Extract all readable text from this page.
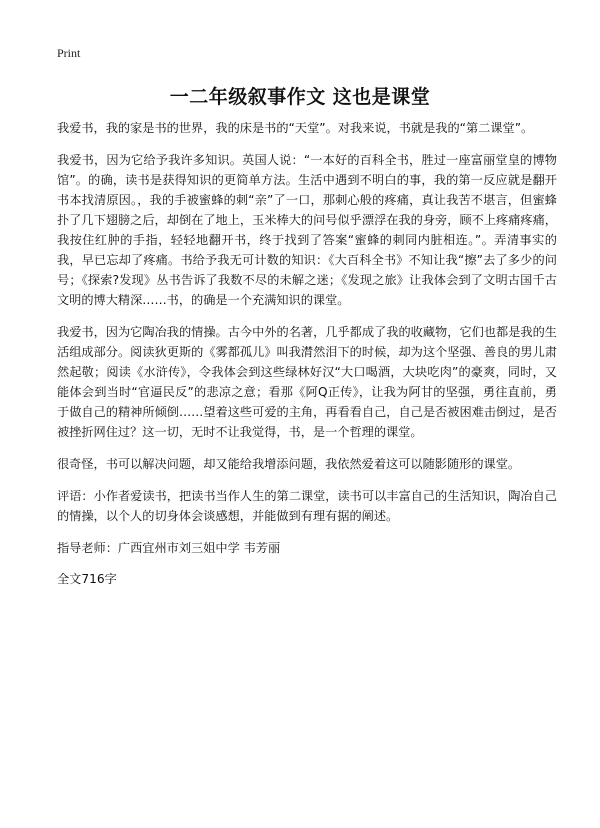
Print
一二年级叙事作文 这也是课堂

我爱书，我的家是书的世界，我的床是书的“天堂”。对我来说，书就是我的“第二课堂”。

我爱书，因为它给予我许多知识。英国人说：“一本好的百科全书，胜过一座富丽堂皇的博物馆”。的确，读书是获得知识的更简单方法。生活中遇到不明白的事，我的第一反应就是翻开书本找清原因。，我的手被蜜蜂的刺“亲”了一口，那刺心般的疼痛，真让我苦不堪言，但蜜蜂扑了几下翅膀之后，却倒在了地上，玉米棒大的问号似乎漂浮在我的身旁，顾不上疼痛疼痛，我按住红肿的手指，轻轻地翻开书，终于找到了答案“蜜蜂的刺同内脏相连。”。弄清事实的我，早已忘却了疼痛。书给予我无可计数的知识：《大百科全书》不知让我“擦”去了多少的问号；《探索?发现》丛书告诉了我数不尽的未解之迷；《发现之旅》让我体会到了文明古国千古文明的博大精深……书，的确是一个充满知识的课堂。

我爱书，因为它陶冶我的情操。古今中外的名著，几乎都成了我的收藏物，它们也都是我的生活组成部分。阅读狄更斯的《雾都孤儿》叫我潸然泪下的时候，却为这个坚强、善良的男儿肃然起敬；阅读《水浒传》，令我体会到这些绿林好汉“大口喝酒，大块吃肉”的豪爽，同时，又能体会到当时“官逼民反”的悲凉之意；看那《阿Q正传》，让我为阿甘的坚强，勇往直前，勇于做自己的精神所倾倒……望着这些可爱的主角，再看看自己，自己是否被困难击倒过，是否被挫折网住过？这一切，无时不让我觉得，书，是一个哲理的课堂。

很奇怪，书可以解决问题，却又能给我增添问题，我依然爱着这可以随影随形的课堂。

评语：小作者爱读书，把读书当作人生的第二课堂，读书可以丰富自己的生活知识，陶冶自己的情操，以个人的切身体会谈感想，并能做到有理有据的阐述。

指导老师：广西宜州市刘三姐中学 韦芳丽

全文716字
